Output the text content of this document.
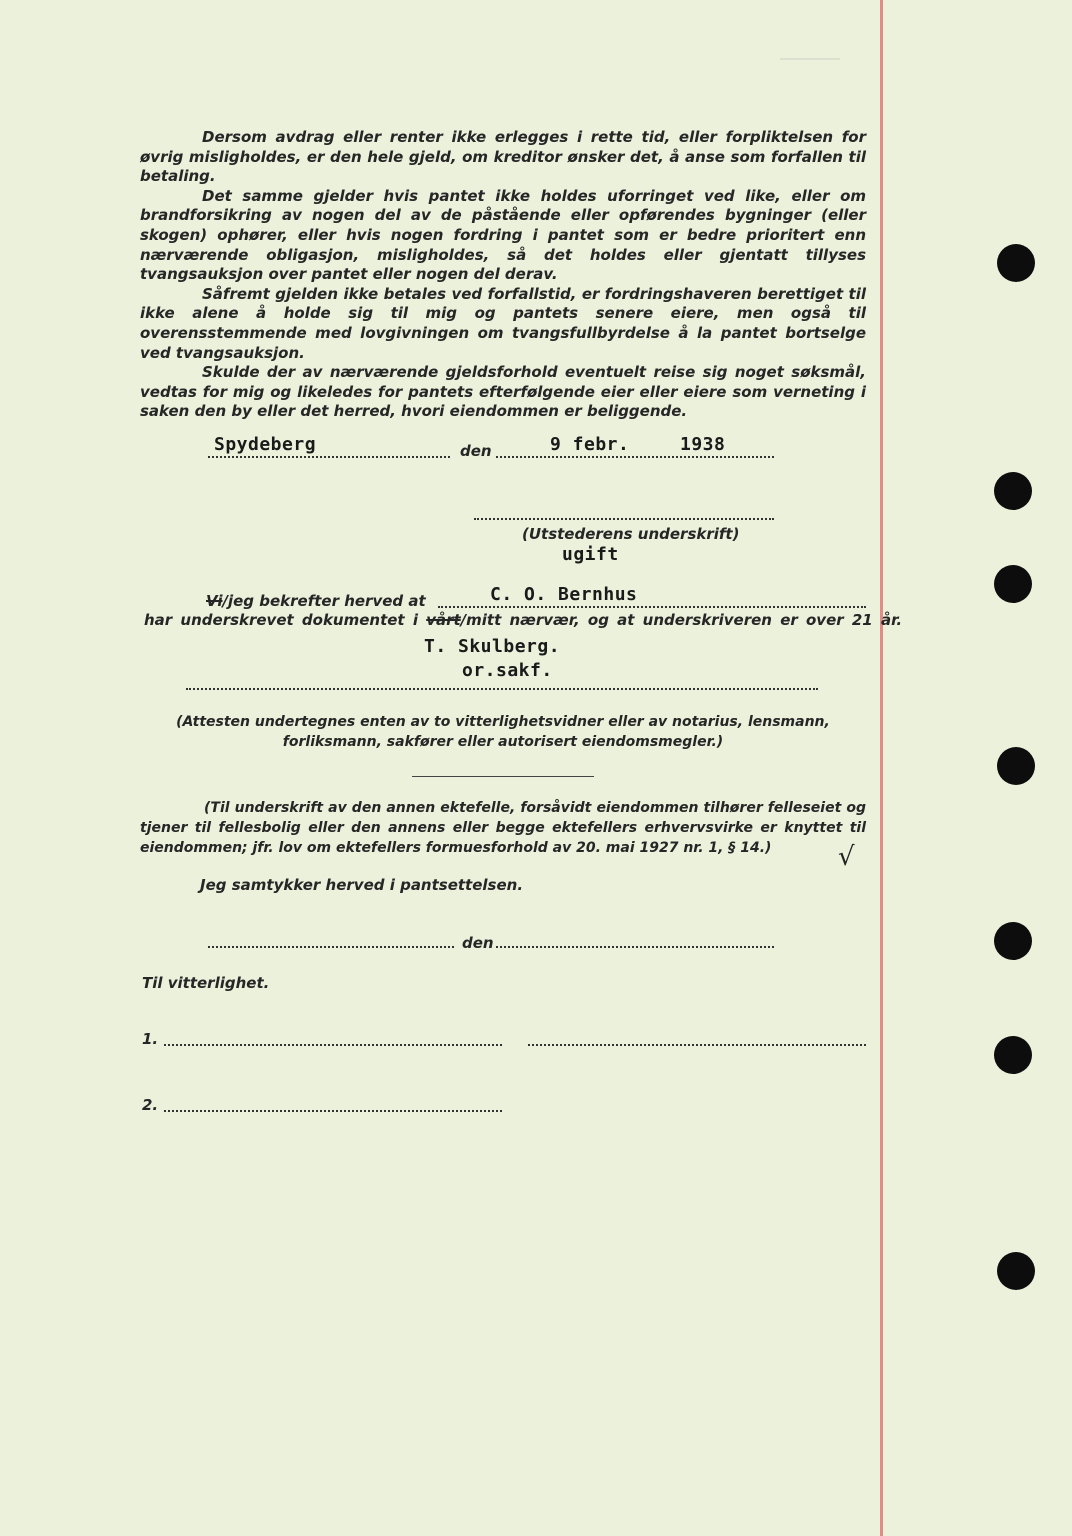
Dersom avdrag eller renter ikke erlegges i rette tid, eller forpliktelsen for øvrig misligholdes, er den hele gjeld, om kreditor ønsker det, å anse som forfallen til betaling.

Det samme gjelder hvis pantet ikke holdes uforringet ved like, eller om brandforsikring av nogen del av de påstående eller opførendes bygninger (eller skogen) ophører, eller hvis nogen fordring i pantet som er bedre prioritert enn nærværende obligasjon, misligholdes, så det holdes eller gjentatt tillyses tvangsauksjon over pantet eller nogen del derav.

Såfremt gjelden ikke betales ved forfallstid, er fordringshaveren berettiget til ikke alene å holde sig til mig og pantets senere eiere, men også til overensstemmende med lovgivningen om tvangsfullbyrdelse å la pantet bortselge ved tvangsauksjon.

Skulde der av nærværende gjeldsforhold eventuelt reise sig noget søksmål, vedtas for mig og likeledes for pantets efterfølgende eier eller eiere som verneting i saken den by eller det herred, hvori eiendommen er beliggende.

Spydeberg	den	9 febr.	1938
(Utstederens underskrift)
ugift
Vi/jeg bekrefter herved at	C. O. Bernhus
har underskrevet dokumentet i vårt/mitt nærvær, og at underskriveren er over 21 år.
T. Skulberg.
or.sakf.
(Attesten undertegnes enten av to vitterlighetsvidner eller av notarius, lensmann, forliksmann, sakfører eller autorisert eiendomsmegler.)
(Til underskrift av den annen ektefelle, forsåvidt eiendommen tilhører felleseiet og tjener til fellesbolig eller den annens eller begge ektefellers erhvervsvirke er knyttet til eiendommen; jfr. lov om ektefellers formuesforhold av 20. mai 1927 nr. 1, § 14.)	√
Jeg samtykker herved i pantsettelsen.
den
Til vitterlighet.
1.
2.
